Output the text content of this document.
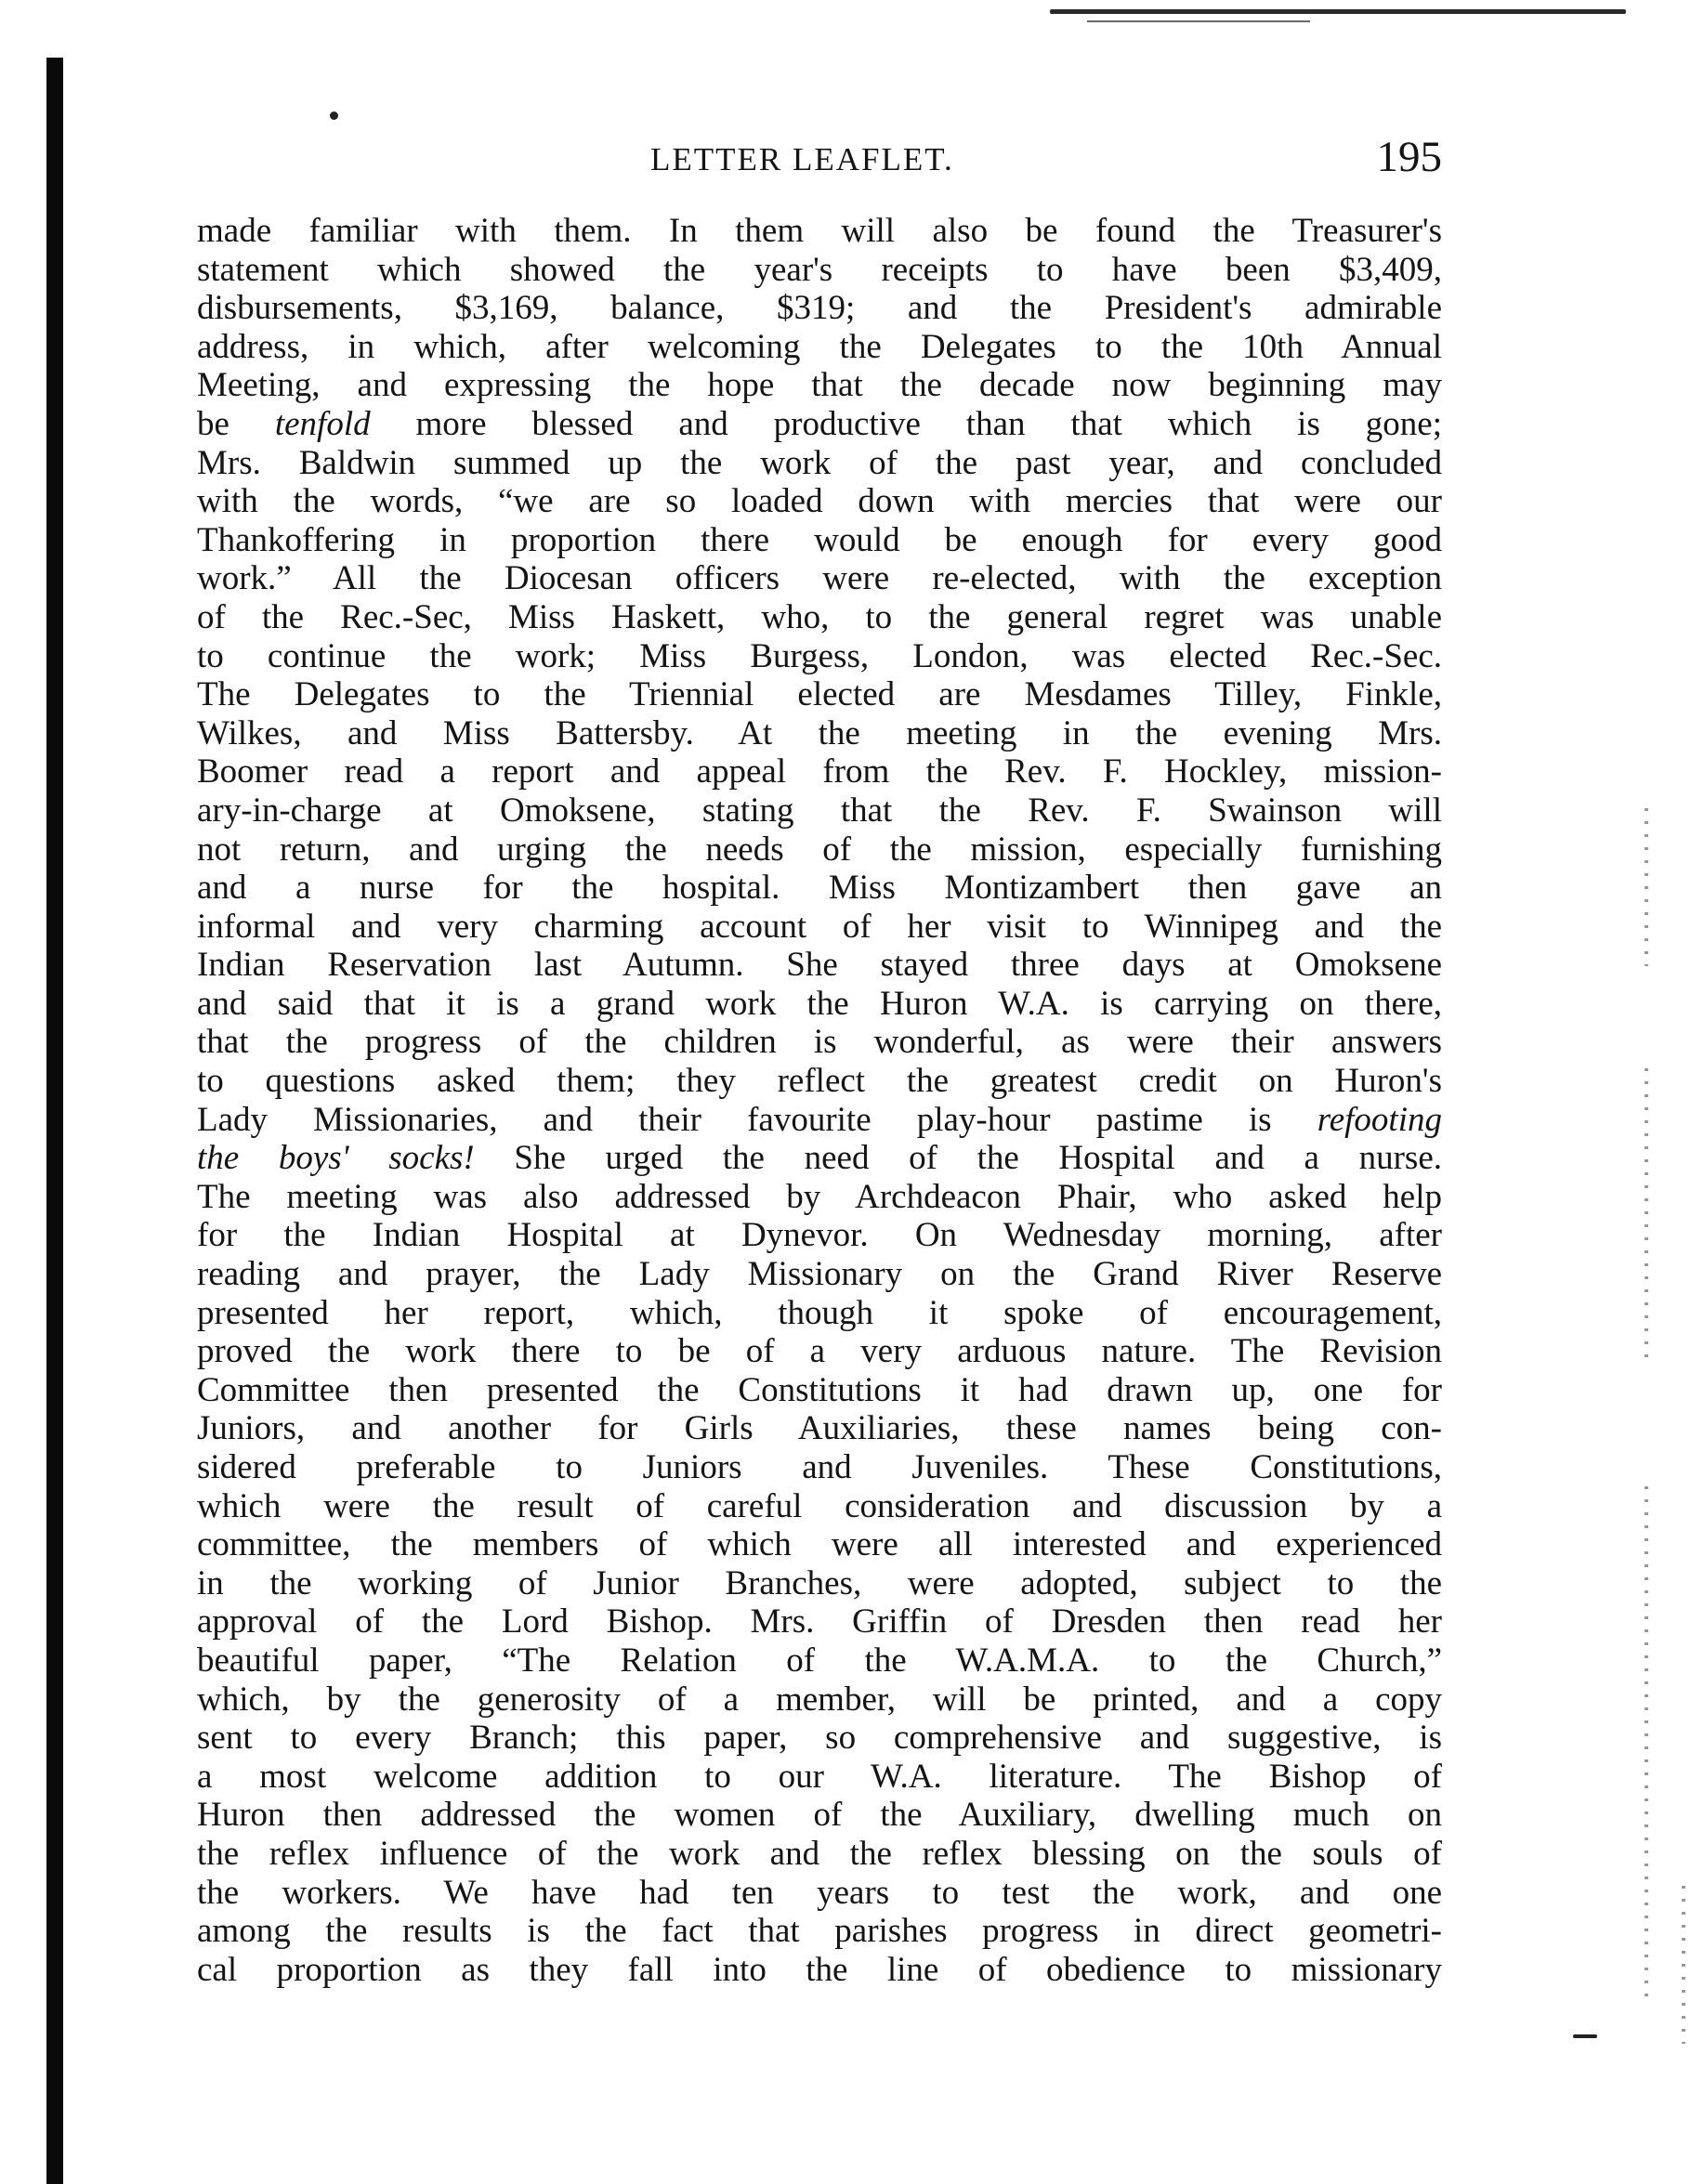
LETTER LEAFLET.	195
made familiar with them. In them will also be found the Treasurer's
statement which showed the year's receipts to have been $3,409,
disbursements, $3,169, balance, $319; and the President's admirable
address, in which, after welcoming the Delegates to the 10th Annual
Meeting, and expressing the hope that the decade now beginning may
be tenfold more blessed and productive than that which is gone;
Mrs. Baldwin summed up the work of the past year, and concluded
with the words, “we are so loaded down with mercies that were our
Thankoffering in proportion there would be enough for every good
work.” All the Diocesan officers were re-elected, with the exception
of the Rec.-Sec, Miss Haskett, who, to the general regret was unable
to continue the work; Miss Burgess, London, was elected Rec.-Sec.
The Delegates to the Triennial elected are Mesdames Tilley, Finkle,
Wilkes, and Miss Battersby. At the meeting in the evening Mrs.
Boomer read a report and appeal from the Rev. F. Hockley, mission-
ary-in-charge at Omoksene, stating that the Rev. F. Swainson will
not return, and urging the needs of the mission, especially furnishing
and a nurse for the hospital. Miss Montizambert then gave an
informal and very charming account of her visit to Winnipeg and the
Indian Reservation last Autumn. She stayed three days at Omoksene
and said that it is a grand work the Huron W.A. is carrying on there,
that the progress of the children is wonderful, as were their answers
to questions asked them; they reflect the greatest credit on Huron's
Lady Missionaries, and their favourite play-hour pastime is refooting
the boys' socks! She urged the need of the Hospital and a nurse.
The meeting was also addressed by Archdeacon Phair, who asked help
for the Indian Hospital at Dynevor. On Wednesday morning, after
reading and prayer, the Lady Missionary on the Grand River Reserve
presented her report, which, though it spoke of encouragement,
proved the work there to be of a very arduous nature. The Revision
Committee then presented the Constitutions it had drawn up, one for
Juniors, and another for Girls Auxiliaries, these names being con-
sidered preferable to Juniors and Juveniles. These Constitutions,
which were the result of careful consideration and discussion by a
committee, the members of which were all interested and experienced
in the working of Junior Branches, were adopted, subject to the
approval of the Lord Bishop. Mrs. Griffin of Dresden then read her
beautiful paper, “The Relation of the W.A.M.A. to the Church,”
which, by the generosity of a member, will be printed, and a copy
sent to every Branch; this paper, so comprehensive and suggestive, is
a most welcome addition to our W.A. literature. The Bishop of
Huron then addressed the women of the Auxiliary, dwelling much on
the reflex influence of the work and the reflex blessing on the souls of
the workers. We have had ten years to test the work, and one
among the results is the fact that parishes progress in direct geometri-
cal proportion as they fall into the line of obedience to missionary
